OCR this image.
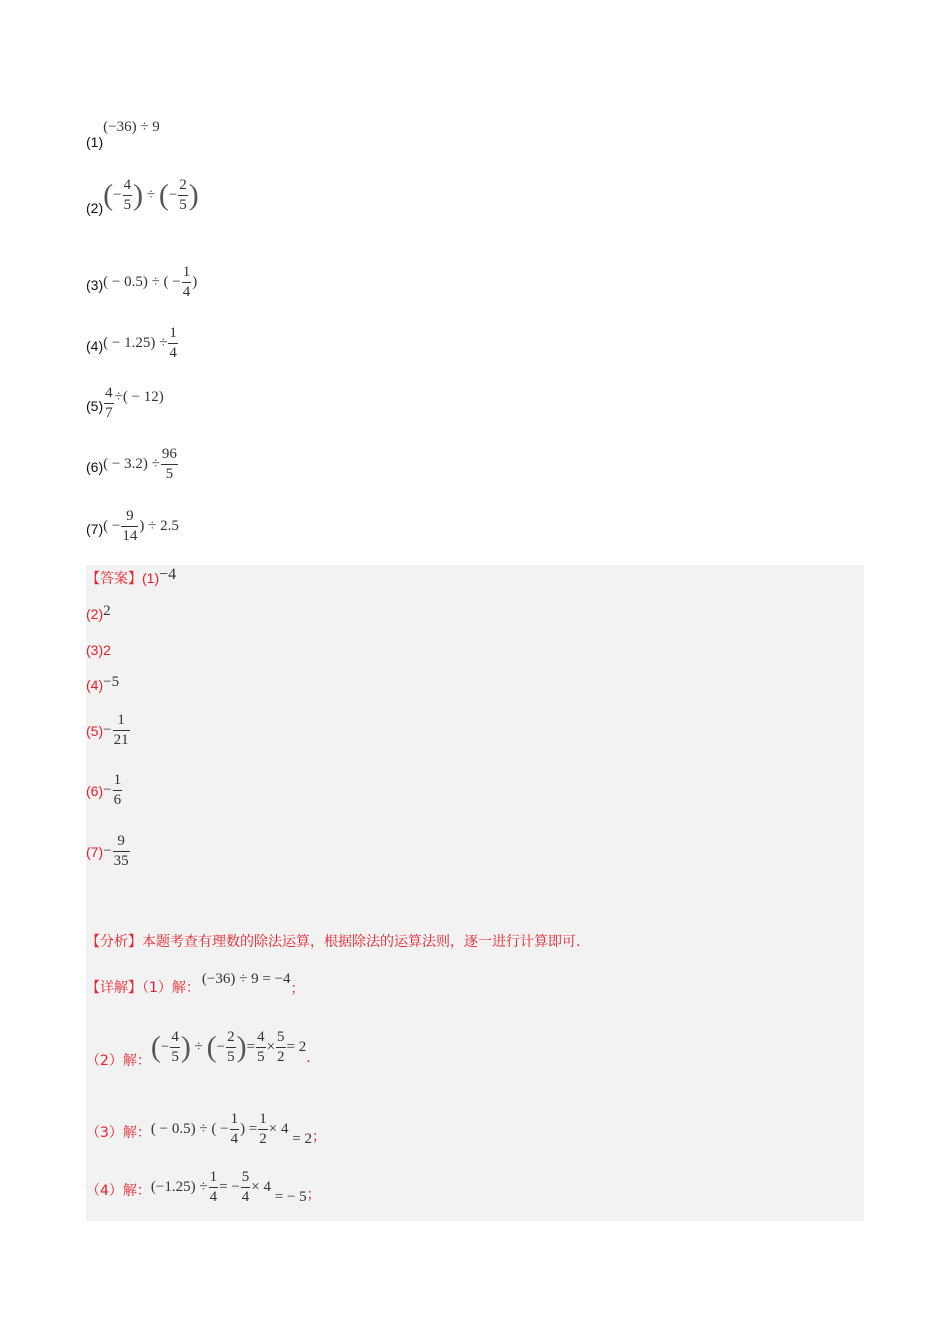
(1)(−36) ÷ 9
$(2)(- \frac{4}{5}$ ) ÷ (− $\frac{2}{5}$ )
(3)( − 0.5) ÷ ( − $\frac{1}{4}$ )
$(4)( - 1.25) \div \frac{1}{4}$
$(5) \frac{4}{7}$ ÷( − 12)
$(6)( - 3.2) \div \frac{96}{5}$
$(7)( - \frac{9}{14}$ ) ÷ 2.5
【答案】(1)−4
(2)2
(3)2
(4)−5
$(5)- \frac{1}{21}$
$(6)- \frac{1}{6}$
$(7)- \frac{9}{35}$
【分析】本题考查有理数的除法运算，根据除法的运算法则，逐一进行计算即可.
【详解】（1）解：(−36) ÷ 9 = −4；
（2）解：(− $\frac{4}{5}$ ) ÷ (− $\frac{2}{5}$ )= $\frac{4}{5} \times \frac{5}{2} = 2$.
（3）解：( − 0.5) ÷ ( − $\frac{1}{4}$ ) = $\frac{1}{2} \times 4 = 2$；
（4）解：$(-1.25) \div \frac{1}{4}$ = − $\frac{5}{4} \times 4$ = − 5；
